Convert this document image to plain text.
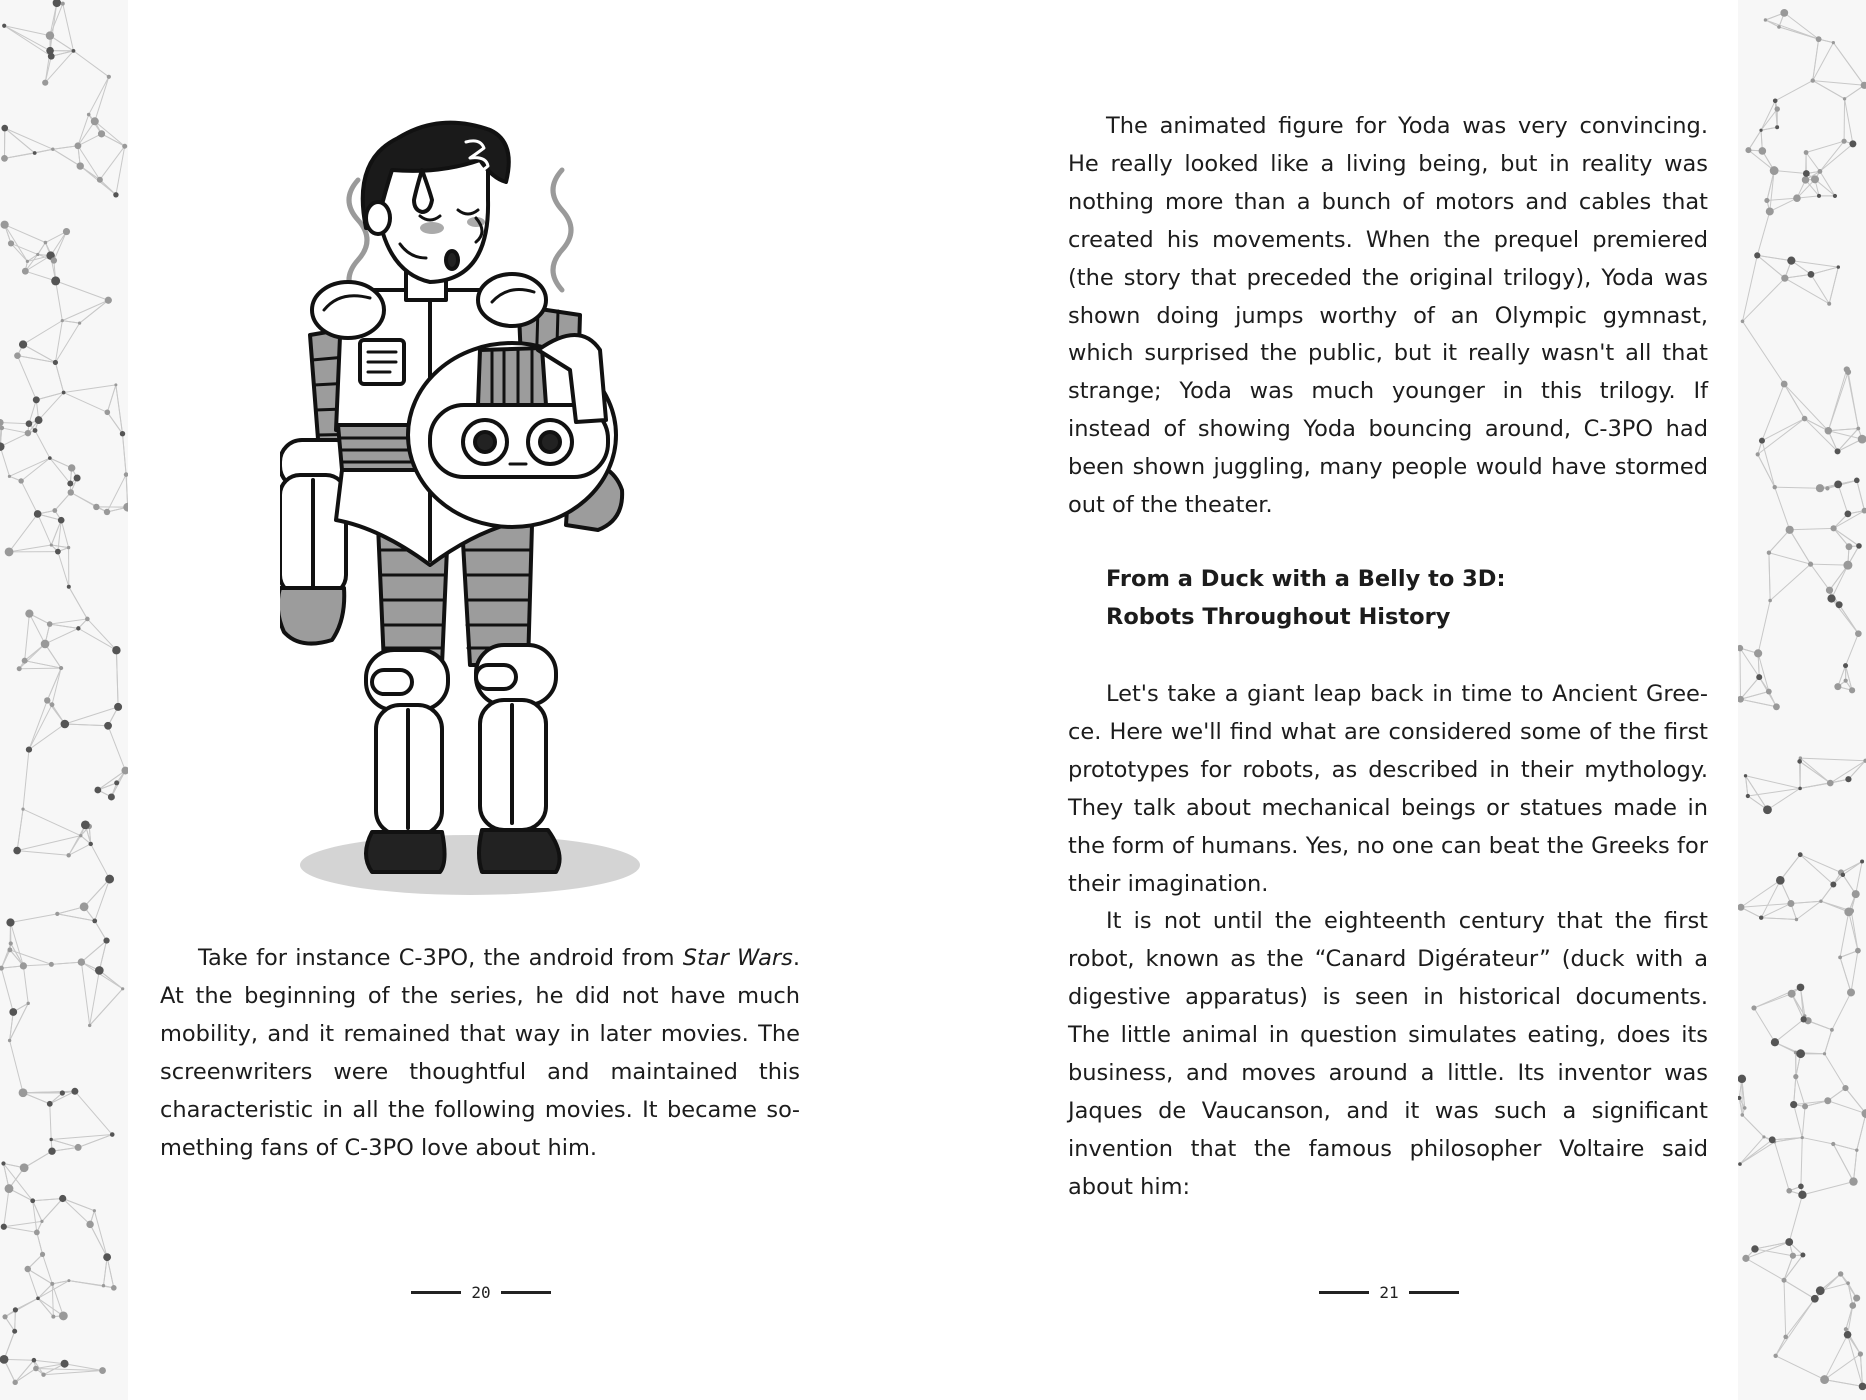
Take for instance C-3PO, the android from Star Wars. At the beginning of the series, he did not have much mobility, and it remained that way in later movies. The screenwriters were thoughtful and maintained this characteristic in all the following movies. It became something fans of C-3PO love about him.

The animated figure for Yoda was very convincing. He really looked like a living being, but in reality was nothing more than a bunch of motors and cables that created his movements. When the prequel premiered (the story that preceded the original trilogy), Yoda was shown doing jumps worthy of an Olympic gymnast, which surprised the public, but it really wasn't all that strange; Yoda was much younger in this trilogy. If instead of showing Yoda bouncing around, C-3PO had been shown juggling, many people would have stormed out of the theater.

From a Duck with a Belly to 3D:
Robots Throughout History

Let's take a giant leap back in time to Ancient Greece. Here we'll find what are considered some of the first prototypes for robots, as described in their mythology. They talk about mechanical beings or statues made in the form of humans. Yes, no one can beat the Greeks for their imagination.

It is not until the eighteenth century that the first robot, known as the “Canard Digérateur” (duck with a digestive apparatus) is seen in historical documents. The little animal in question simulates eating, does its business, and moves around a little. Its inventor was Jaques de Vaucanson, and it was such a significant invention that the famous philosopher Voltaire said about him:

20	21
